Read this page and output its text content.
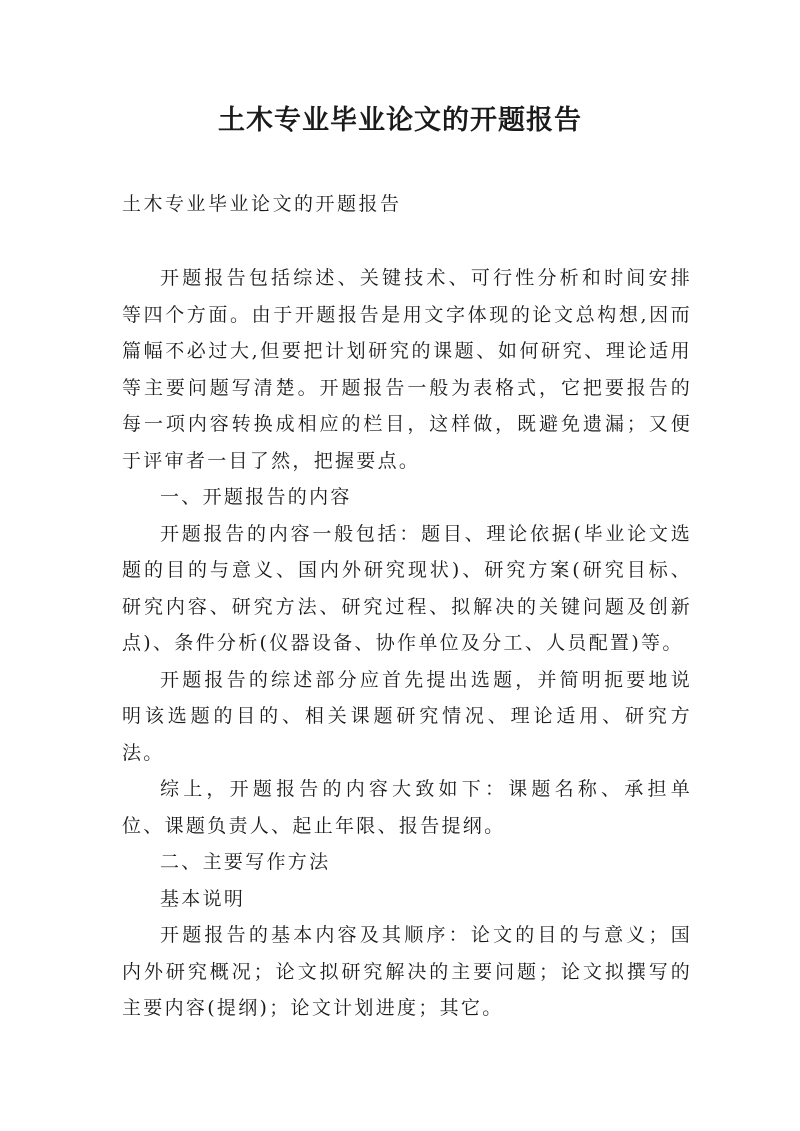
土木专业毕业论文的开题报告
土木专业毕业论文的开题报告

开题报告包括综述、关键技术、可行性分析和时间安排等四个方面。由于开题报告是用文字体现的论文总构想,因而篇幅不必过大,但要把计划研究的课题、如何研究、理论适用等主要问题写清楚。开题报告一般为表格式，它把要报告的每一项内容转换成相应的栏目，这样做，既避免遗漏；又便于评审者一目了然，把握要点。

一、开题报告的内容

开题报告的内容一般包括：题目、理论依据(毕业论文选题的目的与意义、国内外研究现状)、研究方案(研究目标、研究内容、研究方法、研究过程、拟解决的关键问题及创新点)、条件分析(仪器设备、协作单位及分工、人员配置)等。

开题报告的综述部分应首先提出选题，并简明扼要地说明该选题的目的、相关课题研究情况、理论适用、研究方法。

综上，开题报告的内容大致如下：课题名称、承担单位、课题负责人、起止年限、报告提纲。

二、主要写作方法

基本说明

开题报告的基本内容及其顺序：论文的目的与意义；国内外研究概况；论文拟研究解决的主要问题；论文拟撰写的主要内容(提纲)；论文计划进度；其它。
